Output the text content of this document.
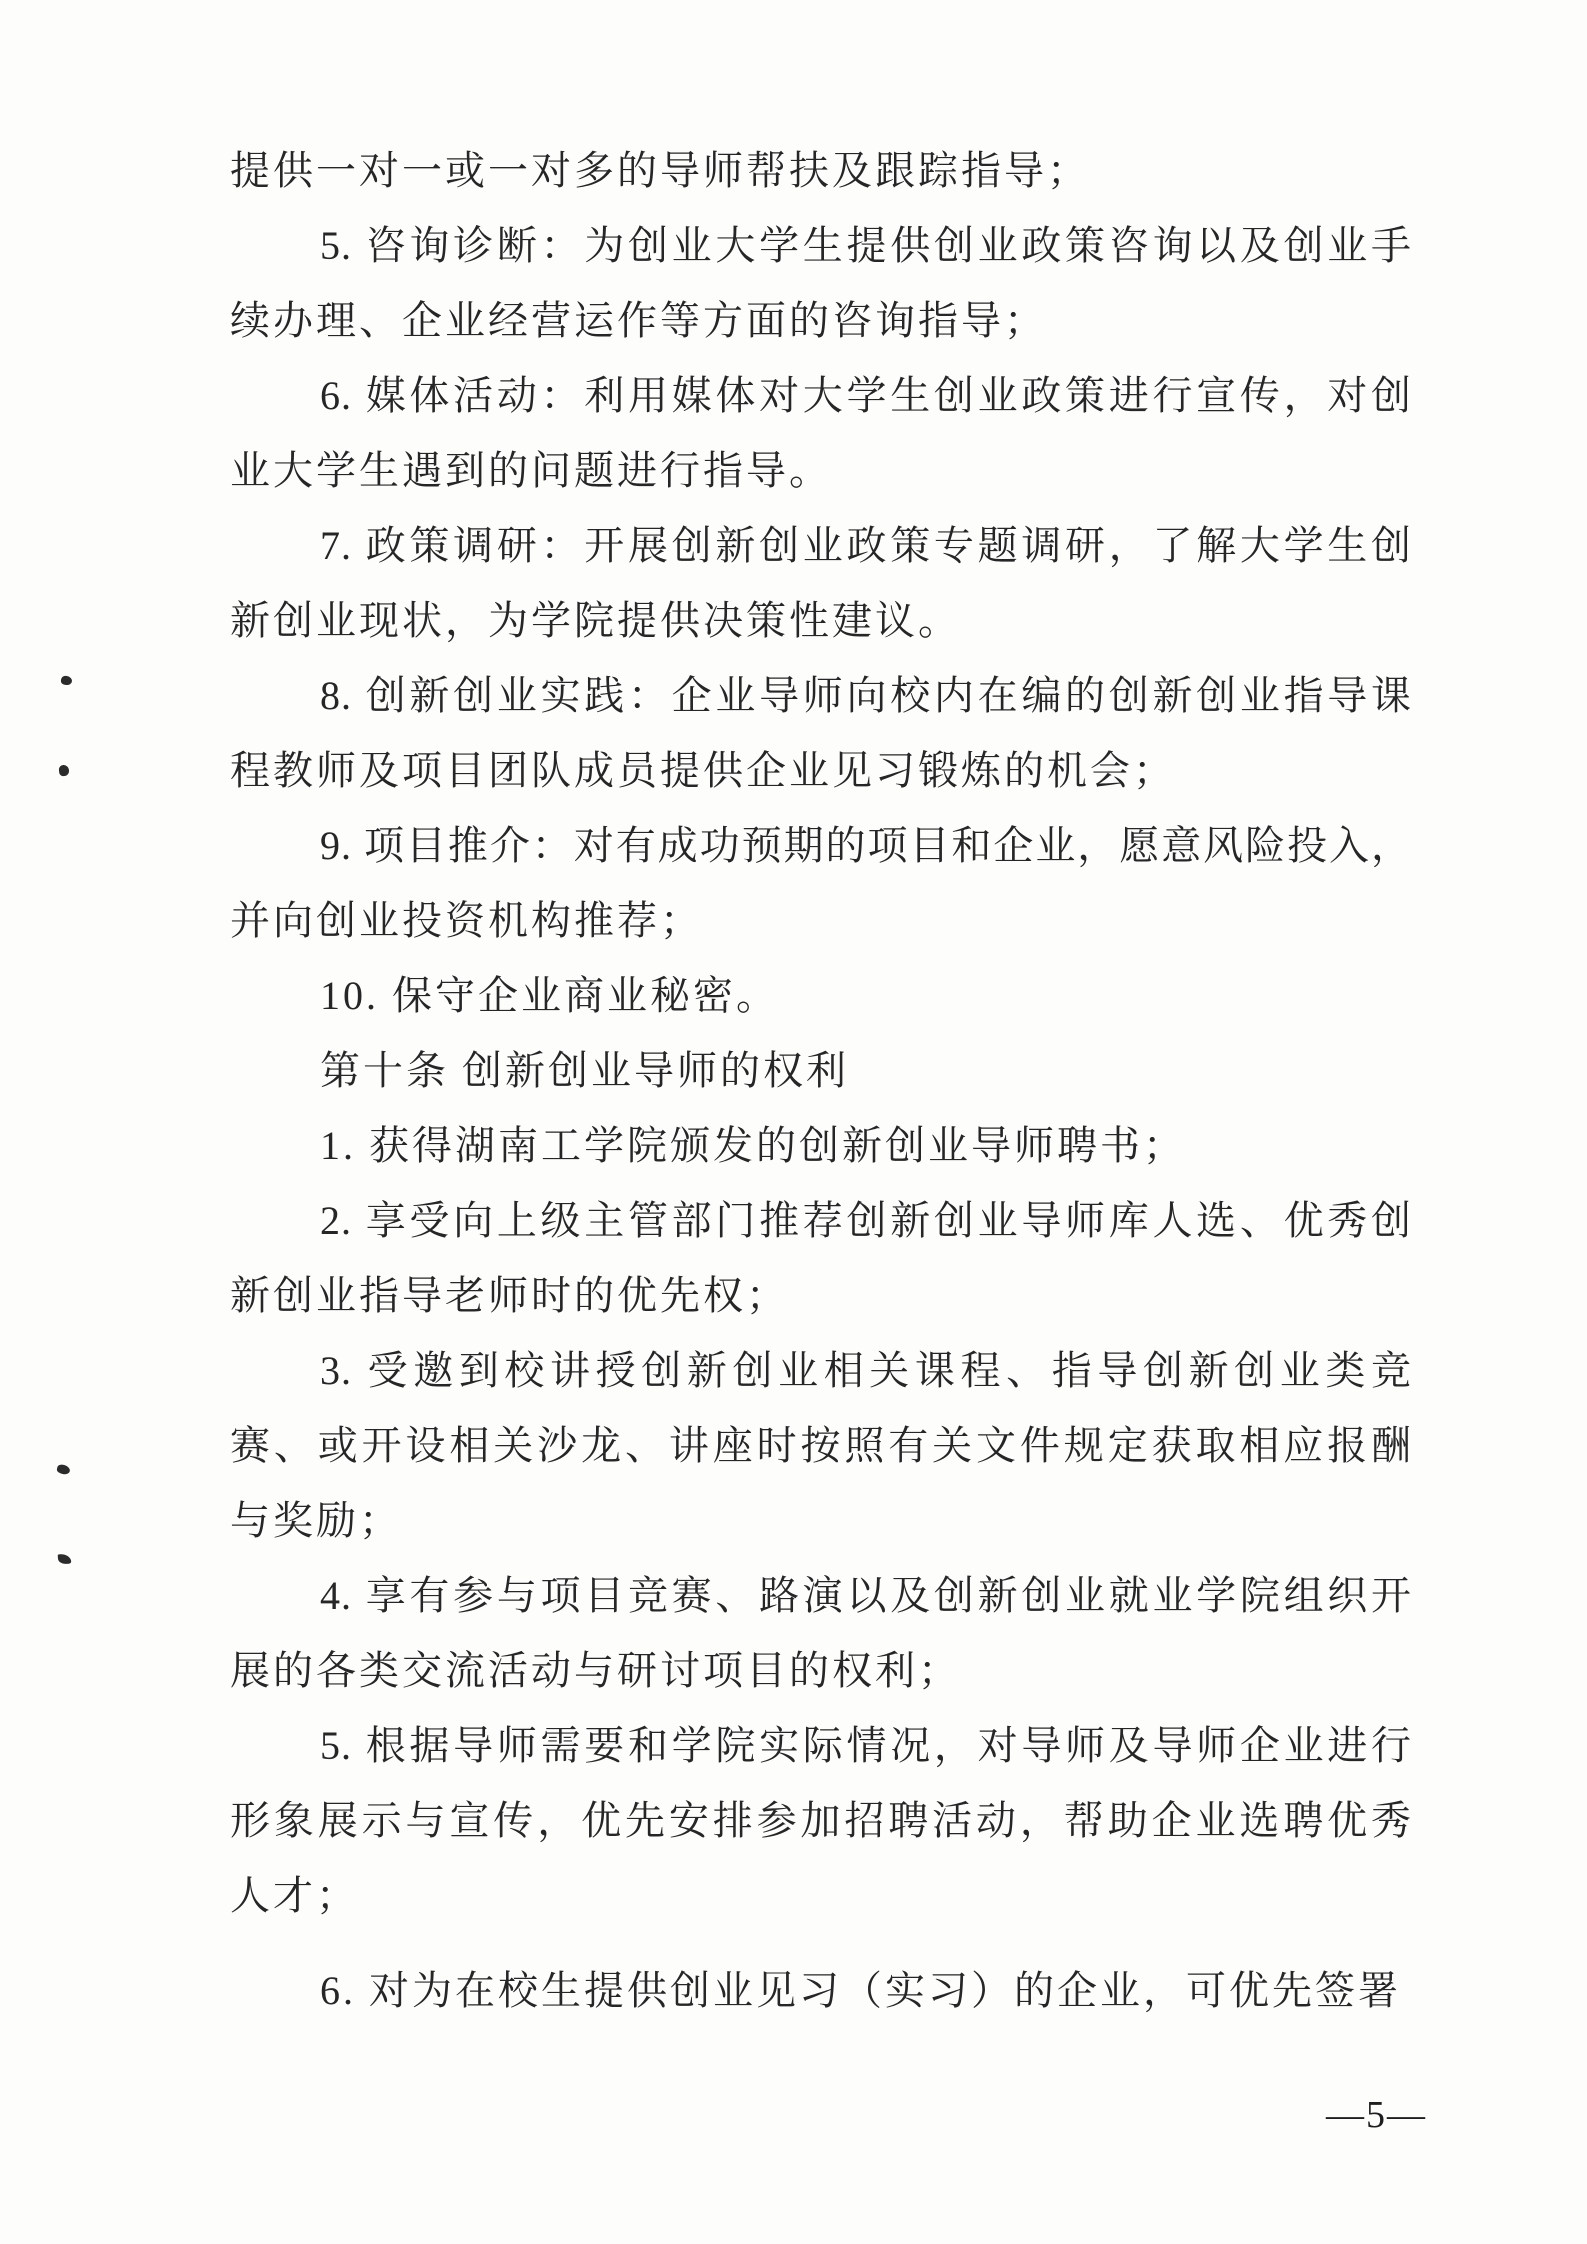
提供一对一或一对多的导师帮扶及跟踪指导；
5. 咨询诊断：为创业大学生提供创业政策咨询以及创业手
续办理、企业经营运作等方面的咨询指导；
6. 媒体活动：利用媒体对大学生创业政策进行宣传，对创
业大学生遇到的问题进行指导。
7. 政策调研：开展创新创业政策专题调研，了解大学生创
新创业现状，为学院提供决策性建议。
8. 创新创业实践：企业导师向校内在编的创新创业指导课
程教师及项目团队成员提供企业见习锻炼的机会；
9. 项目推介：对有成功预期的项目和企业，愿意风险投入，
并向创业投资机构推荐；
10. 保守企业商业秘密。
第十条 创新创业导师的权利
1. 获得湖南工学院颁发的创新创业导师聘书；
2. 享受向上级主管部门推荐创新创业导师库人选、优秀创
新创业指导老师时的优先权；
3. 受邀到校讲授创新创业相关课程、指导创新创业类竞
赛、或开设相关沙龙、讲座时按照有关文件规定获取相应报酬
与奖励；
4. 享有参与项目竞赛、路演以及创新创业就业学院组织开
展的各类交流活动与研讨项目的权利；
5. 根据导师需要和学院实际情况，对导师及导师企业进行
形象展示与宣传，优先安排参加招聘活动，帮助企业选聘优秀
人才；
6. 对为在校生提供创业见习（实习）的企业，可优先签署
—5—
